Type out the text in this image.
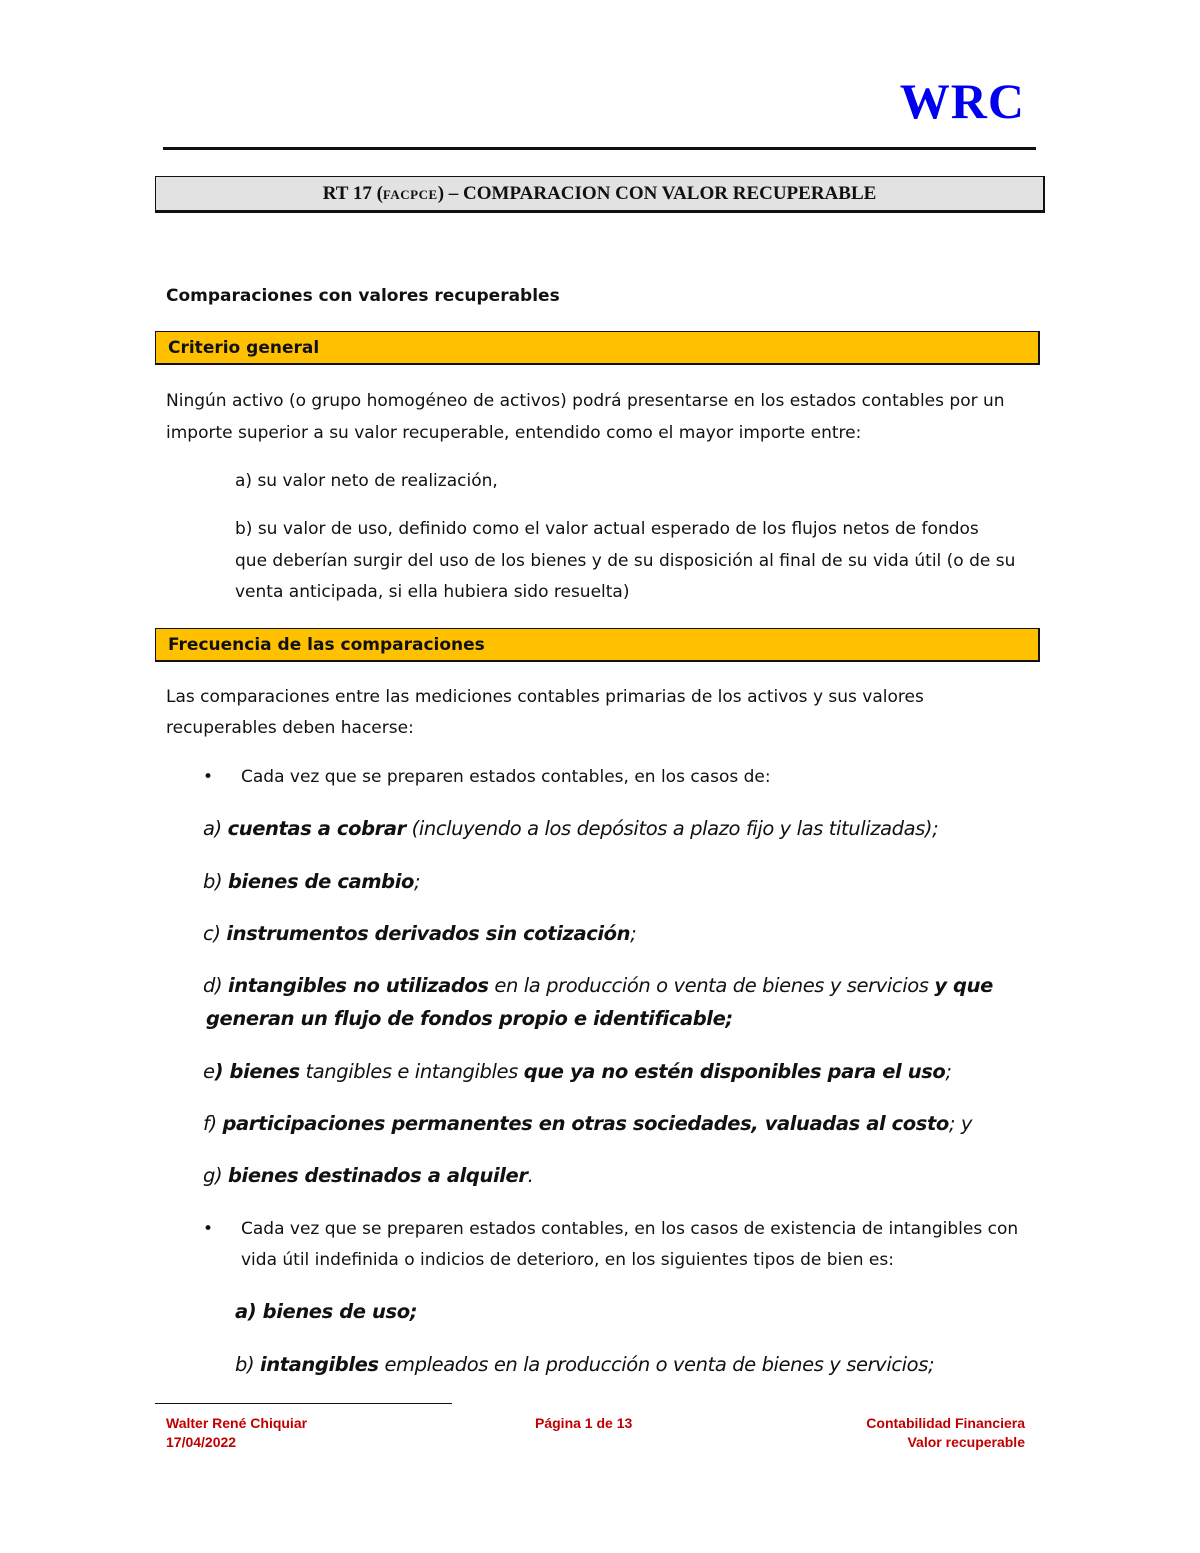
WRC
RT 17 (FACPCE) – COMPARACION CON VALOR RECUPERABLE
Comparaciones con valores recuperables
Criterio general
Ningún activo (o grupo homogéneo de activos) podrá presentarse en los estados contables por un
importe superior a su valor recuperable, entendido como el mayor importe entre:
a) su valor neto de realización,
b) su valor de uso, definido como el valor actual esperado de los flujos netos de fondos
que deberían surgir del uso de los bienes y de su disposición al final de su vida útil (o de su
venta anticipada, si ella hubiera sido resuelta)
Frecuencia de las comparaciones
Las comparaciones entre las mediciones contables primarias de los activos y sus valores
recuperables deben hacerse:
• Cada vez que se preparen estados contables, en los casos de:
a) cuentas a cobrar (incluyendo a los depósitos a plazo fijo y las titulizadas);
b) bienes de cambio;
c) instrumentos derivados sin cotización;
d) intangibles no utilizados en la producción o venta de bienes y servicios y que
generan un flujo de fondos propio e identificable;
e) bienes tangibles e intangibles que ya no estén disponibles para el uso;
f) participaciones permanentes en otras sociedades, valuadas al costo; y
g) bienes destinados a alquiler.
• Cada vez que se preparen estados contables, en los casos de existencia de intangibles con
vida útil indefinida o indicios de deterioro, en los siguientes tipos de bien es:
a) bienes de uso;
b) intangibles empleados en la producción o venta de bienes y servicios;
Walter René Chiquiar
17/04/2022
Página 1 de 13	Contabilidad Financiera
Valor recuperable
